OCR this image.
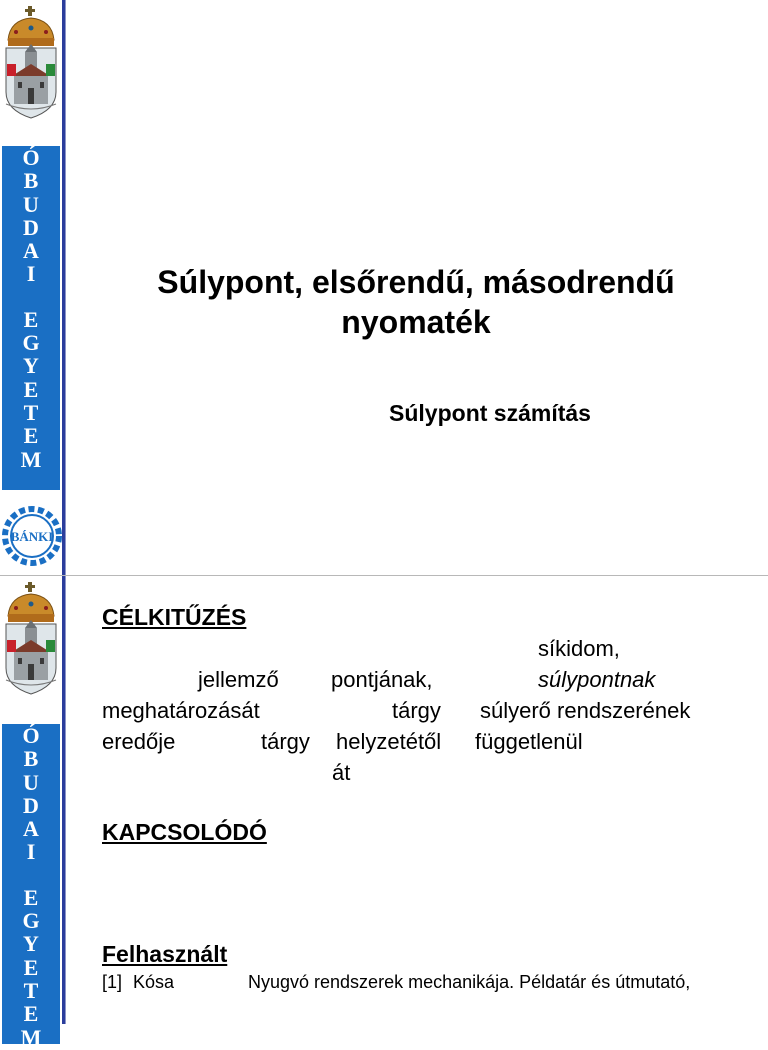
Ó
B
U
D
A
I
E
G
Y
E
T
E
M
BÁNKI
Súlypont, elsőrendű, másodrendű
nyomaték
Súlypont számítás
Ó
B
U
D
A
I
E
G
Y
E
T
E
M
CÉLKITŰZÉS
síkidom,
jellemző pontjának,	súlypontnak
meghatározását	tárgy súlyerő rendszerének
eredője	tárgy helyzetétől függetlenül
át
KAPCSOLÓDÓ
Felhasznált
[1] Kósa	Nyugvó rendszerek mechanikája. Példatár és útmutató,
